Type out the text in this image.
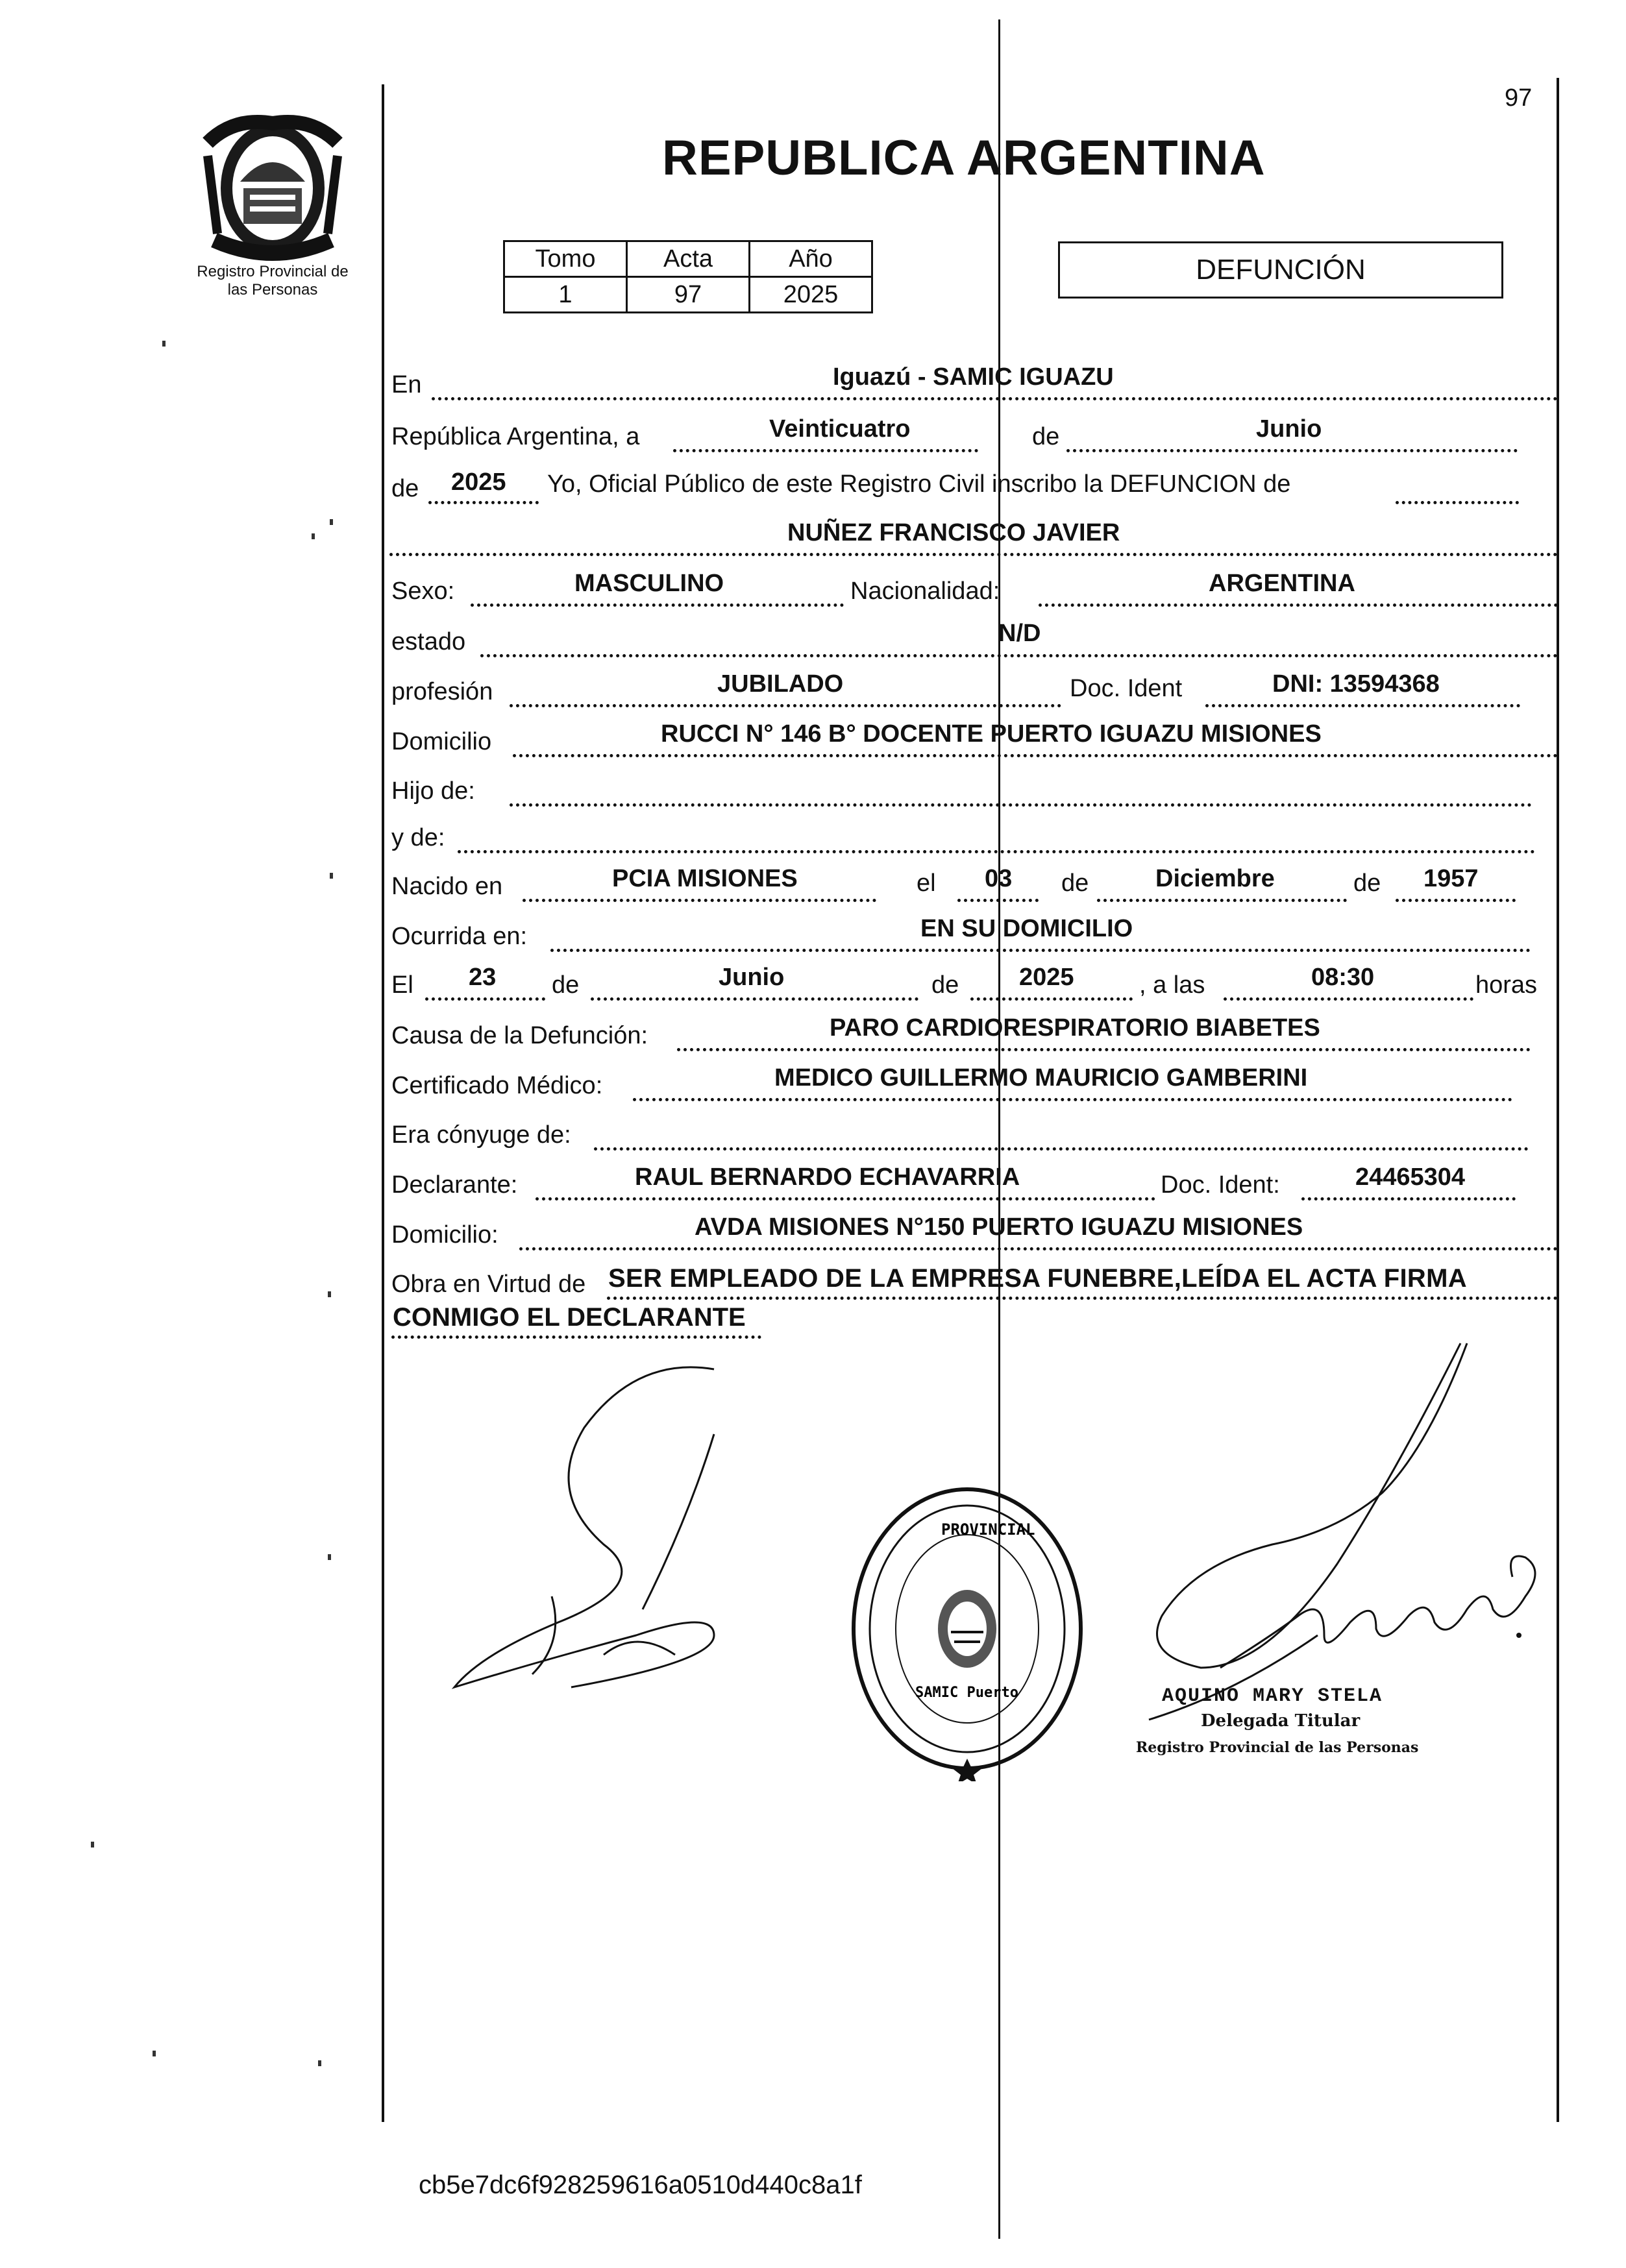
Registro Provincial de
las Personas
97
REPUBLICA ARGENTINA
Tomo	Acta	Año
1	97	2025
DEFUNCIÓN
En	Iguazú - SAMIC IGUAZU
República Argentina, a	Veinticuatro	de	Junio
de 2025 Yo, Oficial Público de este Registro Civil inscribo la DEFUNCION de
NUÑEZ FRANCISCO JAVIER
Sexo:	MASCULINO	Nacionalidad:	ARGENTINA
estado	N/D
profesión	JUBILADO	Doc. Ident	DNI: 13594368
Domicilio	RUCCI N° 146 B° DOCENTE PUERTO IGUAZU MISIONES
Hijo de:
y de:
Nacido en	PCIA MISIONES	el 03 de	Diciembre	de 1957
Ocurrida en:	EN SU DOMICILIO
El 23 de	Junio	de 2025	, a las	08:30	horas
Causa de la Defunción:	PARO CARDIORESPIRATORIO BIABETES
Certificado Médico:	MEDICO GUILLERMO MAURICIO GAMBERINI
Era cónyuge de:
Declarante:	RAUL BERNARDO ECHAVARRIA	Doc. Ident:	24465304
Domicilio:	AVDA MISIONES N°150 PUERTO IGUAZU MISIONES
Obra en Virtud de SER EMPLEADO DE LA EMPRESA FUNEBRE,LEÍDA EL ACTA FIRMA
CONMIGO EL DECLARANTE
PROVINCIAL
SAMIC Puerto	AQUINO MARY STELA
Delegada Titular
Registro Provincial de las Personas
cb5e7dc6f928259616a0510d440c8a1f
